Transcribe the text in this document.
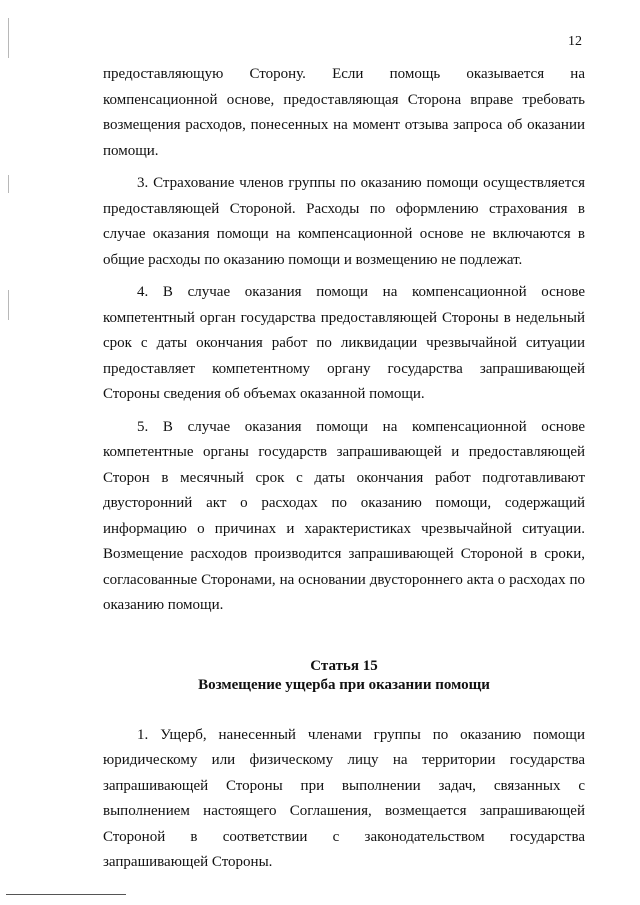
12

предоставляющую Сторону. Если помощь оказывается на компенсационной основе, предоставляющая Сторона вправе требовать возмещения расходов, понесенных на момент отзыва запроса об оказании помощи.

3. Страхование членов группы по оказанию помощи осуществляется предоставляющей Стороной. Расходы по оформлению страхования в случае оказания помощи на компенсационной основе не включаются в общие расходы по оказанию помощи и возмещению не подлежат.

4. В случае оказания помощи на компенсационной основе компетентный орган государства предоставляющей Стороны в недельный срок с даты окончания работ по ликвидации чрезвычайной ситуации предоставляет компетентному органу государства запрашивающей Стороны сведения об объемах оказанной помощи.

5. В случае оказания помощи на компенсационной основе компетентные органы государств запрашивающей и предоставляющей Сторон в месячный срок с даты окончания работ подготавливают двусторонний акт о расходах по оказанию помощи, содержащий информацию о причинах и характеристиках чрезвычайной ситуации. Возмещение расходов производится запрашивающей Стороной в сроки, согласованные Сторонами, на основании двустороннего акта о расходах по оказанию помощи.

Статья 15
Возмещение ущерба при оказании помощи

1. Ущерб, нанесенный членами группы по оказанию помощи юридическому или физическому лицу на территории государства запрашивающей Стороны при выполнении задач, связанных с выполнением настоящего Соглашения, возмещается запрашивающей Стороной в соответствии с законодательством государства запрашивающей Стороны.
